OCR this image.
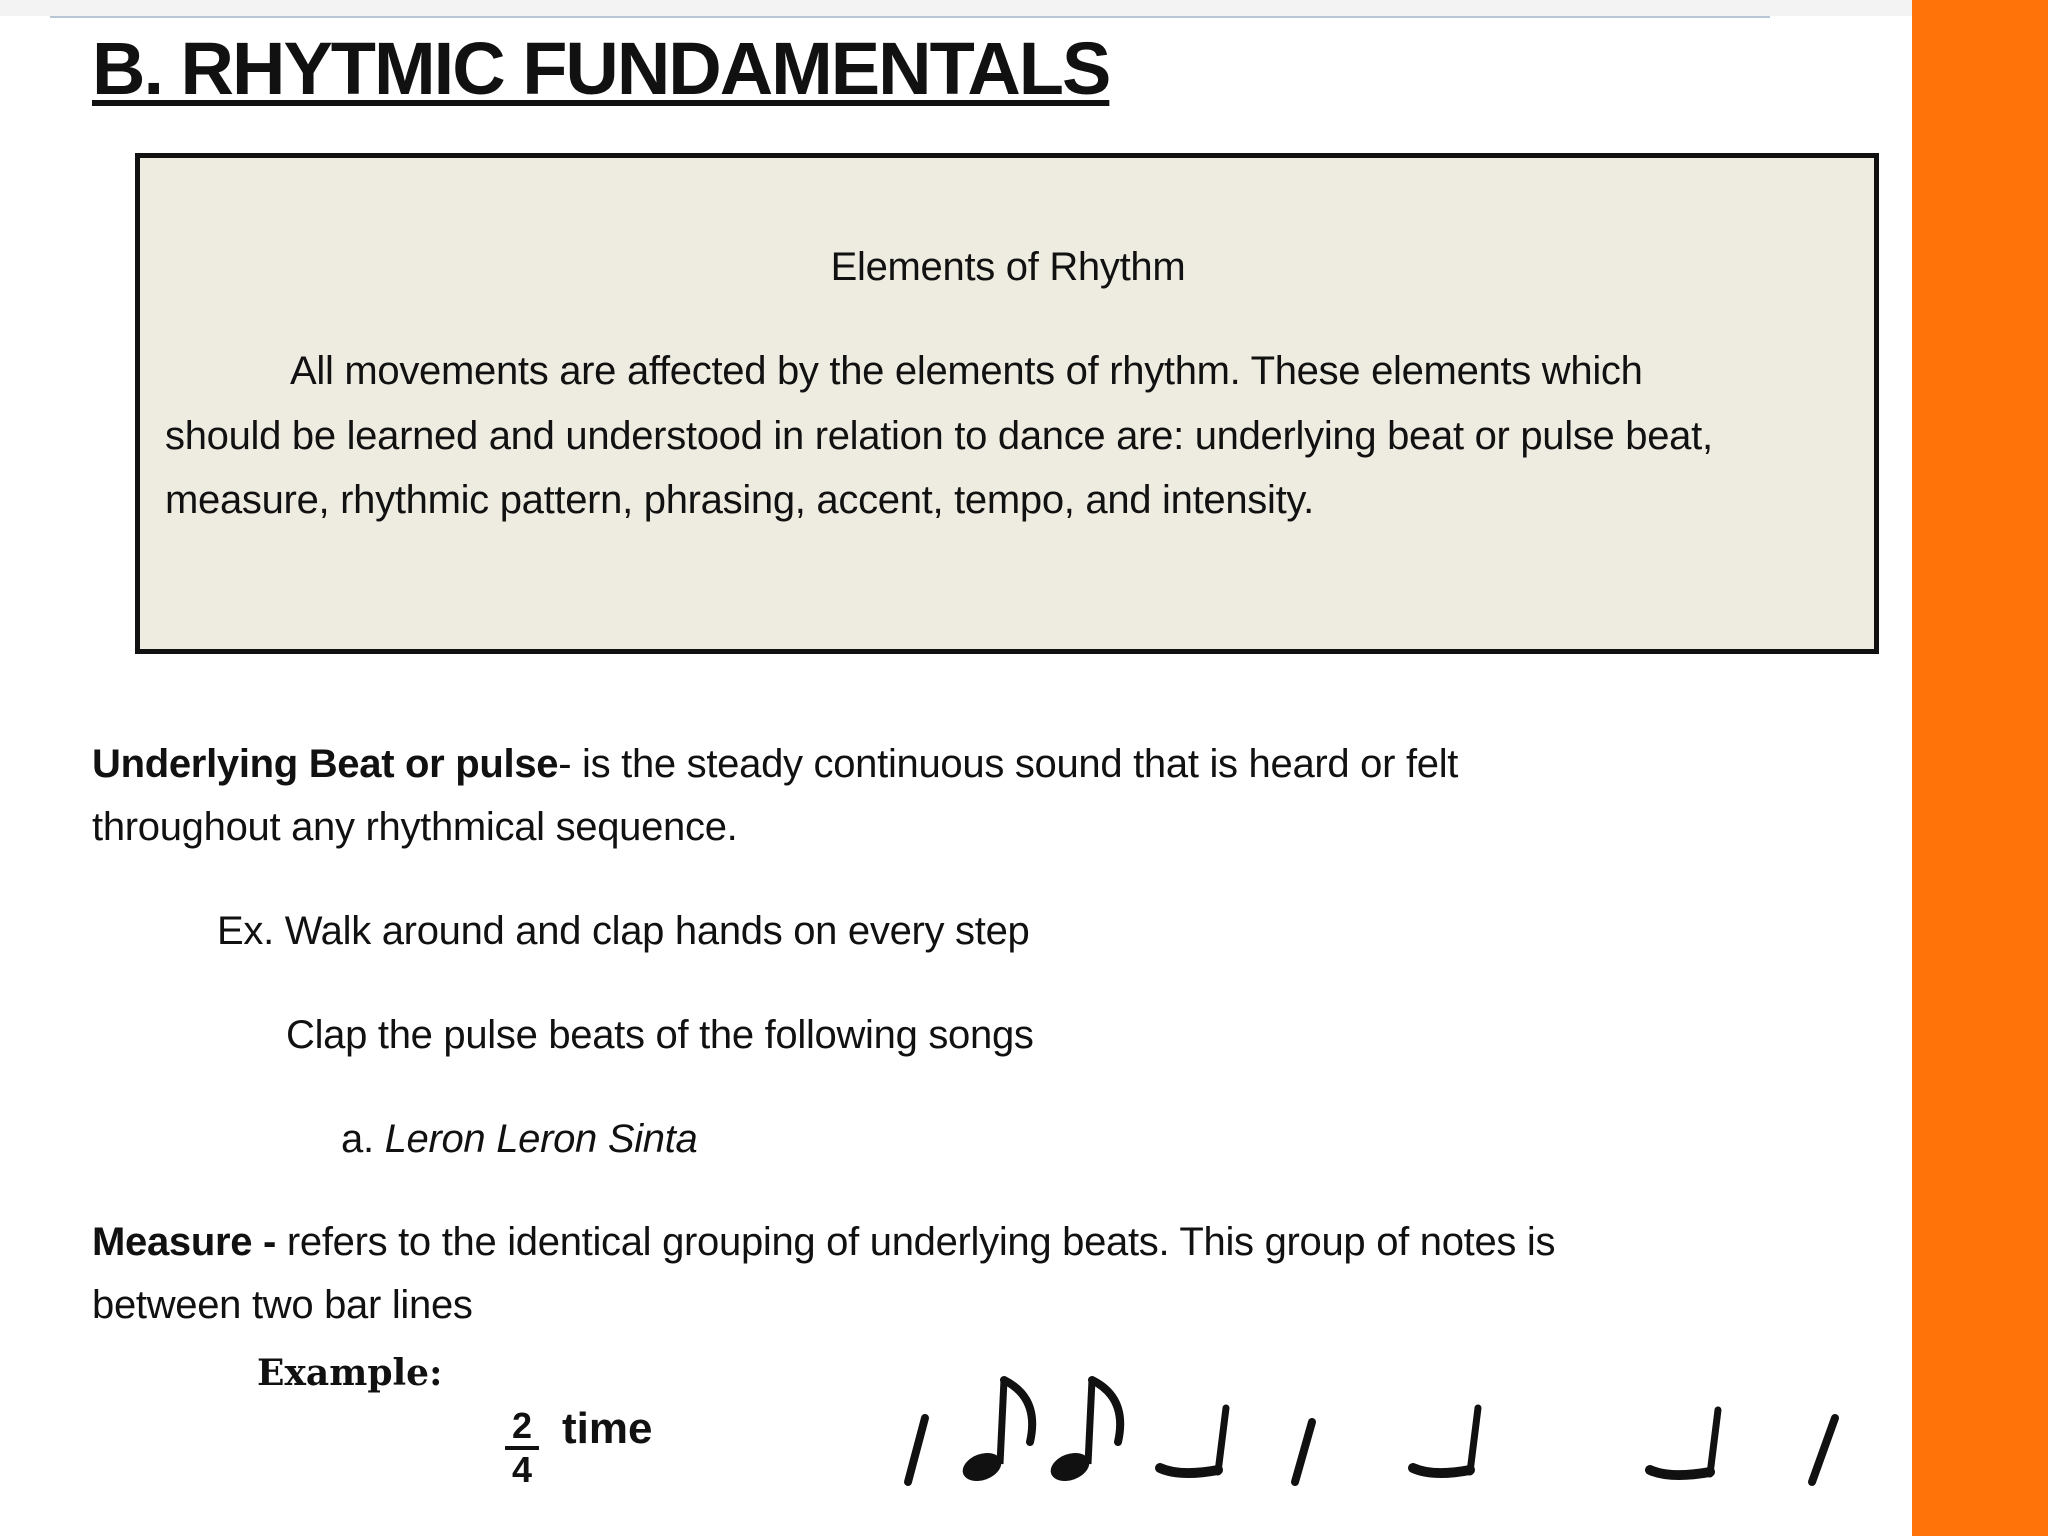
B. RHYTMIC FUNDAMENTALS
Elements of Rhythm
All movements are affected by the elements of rhythm. These elements which
should be learned and understood in relation to dance are: underlying beat or pulse beat,
measure, rhythmic pattern, phrasing, accent, tempo, and intensity.
Underlying Beat or pulse- is the steady continuous sound that is heard or felt
throughout any rhythmical sequence.
Ex. Walk around and clap hands on every step
Clap the pulse beats of the following songs
a. Leron Leron Sinta
Measure - refers to the identical grouping of underlying beats. This group of notes is
between two bar lines
Example:
$\frac{2}{4}$ time
